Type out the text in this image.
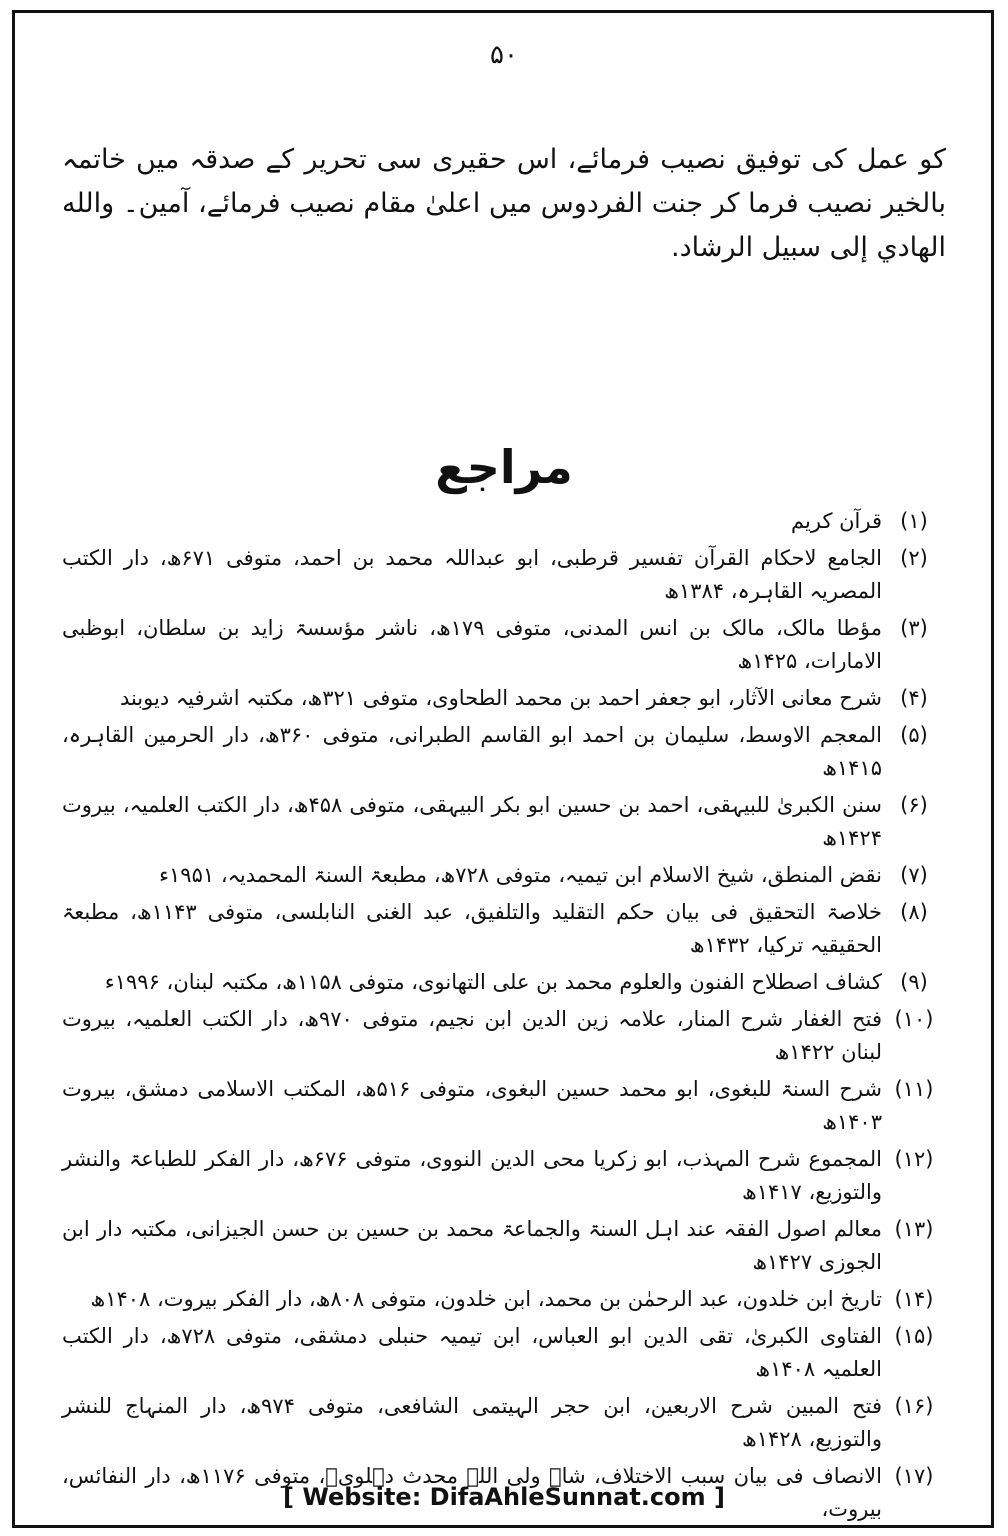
۵۰

کو عمل کی توفیق نصیب فرمائے، اس حقیری سی تحریر کے صدقہ میں خاتمہ بالخیر نصیب فرما کر جنت الفردوس میں اعلیٰ مقام نصیب فرمائے، آمین۔ والله الهادي إلى سبيل الرشاد.

مراجع
(۱)
قرآن کریم
(۲)
الجامع لاحکام القرآن تفسیر قرطبی، ابو عبداللہ محمد بن احمد، متوفی ۶۷۱ھ، دار الکتب المصریہ القاہرہ، ۱۳۸۴ھ
(۳)
مؤطا مالک، مالک بن انس المدنی، متوفی ۱۷۹ھ، ناشر مؤسسۃ زاید بن سلطان، ابوظبی الامارات، ۱۴۲۵ھ
(۴)
شرح معانی الآثار، ابو جعفر احمد بن محمد الطحاوی، متوفی ۳۲۱ھ، مکتبہ اشرفیہ دیوبند
(۵)
المعجم الاوسط، سلیمان بن احمد ابو القاسم الطبرانی، متوفی ۳۶۰ھ، دار الحرمین القاہرہ، ۱۴۱۵ھ
(۶)
سنن الکبریٰ للبیہقی، احمد بن حسین ابو بکر البیہقی، متوفی ۴۵۸ھ، دار الکتب العلمیہ، بیروت ۱۴۲۴ھ
(۷)
نقض المنطق، شیخ الاسلام ابن تیمیہ، متوفی ۷۲۸ھ، مطبعۃ السنۃ المحمدیہ، ۱۹۵۱ء
(۸)
خلاصۃ التحقیق فی بیان حکم التقلید والتلفیق، عبد الغنی النابلسی، متوفی ۱۱۴۳ھ، مطبعۃ الحقیقیہ ترکیا، ۱۴۳۲ھ
(۹)
کشاف اصطلاح الفنون والعلوم محمد بن علی التھانوی، متوفی ۱۱۵۸ھ، مکتبہ لبنان، ۱۹۹۶ء
(۱۰)
فتح الغفار شرح المنار، علامہ زین الدین ابن نجیم، متوفی ۹۷۰ھ، دار الکتب العلمیہ، بیروت لبنان ۱۴۲۲ھ
(۱۱)
شرح السنۃ للبغوی، ابو محمد حسین البغوی، متوفی ۵۱۶ھ، المکتب الاسلامی دمشق، بیروت ۱۴۰۳ھ
(۱۲)
المجموع شرح المہذب، ابو زکریا محی الدین النووی، متوفی ۶۷۶ھ، دار الفکر للطباعۃ والنشر والتوزیع، ۱۴۱۷ھ
(۱۳)
معالم اصول الفقہ عند اہل السنۃ والجماعۃ محمد بن حسین بن حسن الجیزانی، مکتبہ دار ابن الجوزی ۱۴۲۷ھ
(۱۴)
تاریخ ابن خلدون، عبد الرحمٰن بن محمد، ابن خلدون، متوفی ۸۰۸ھ، دار الفکر بیروت، ۱۴۰۸ھ
(۱۵)
الفتاوی الکبریٰ، تقی الدین ابو العباس، ابن تیمیہ حنبلی دمشقی، متوفی ۷۲۸ھ، دار الکتب العلمیہ ۱۴۰۸ھ
(۱۶)
فتح المبین شرح الاربعین، ابن حجر الہیتمی الشافعی، متوفی ۹۷۴ھ، دار المنہاج للنشر والتوزیع، ۱۴۲۸ھ
(۱۷)
الانصاف فی بیان سبب الاختلاف، شاہ ولی اللہ محدث دہلویؒ، متوفی ۱۱۷۶ھ، دار النفائس، بیروت،
[ Website: DifaAhleSunnat.com ]
